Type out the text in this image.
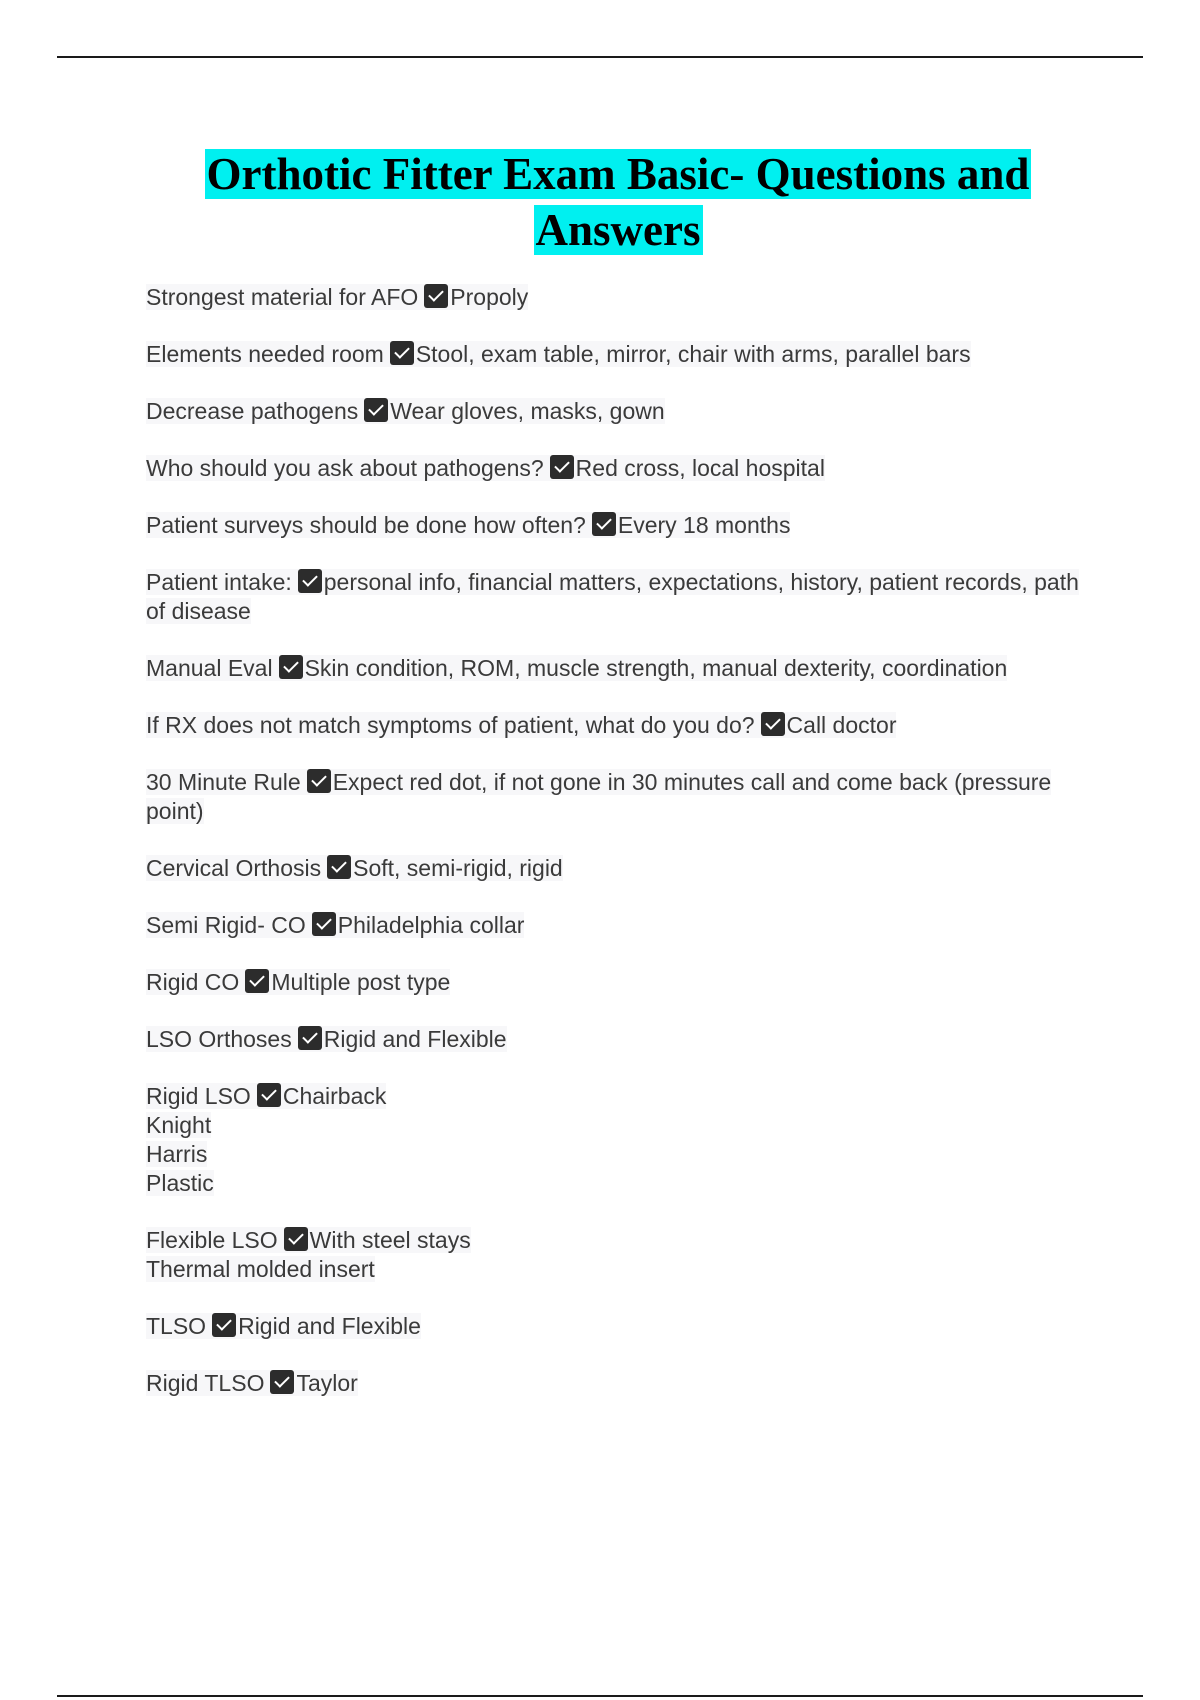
Orthotic Fitter Exam Basic- Questions and
Answers
Strongest material for AFO Propoly
Elements needed room Stool, exam table, mirror, chair with arms, parallel bars
Decrease pathogens Wear gloves, masks, gown
Who should you ask about pathogens? Red cross, local hospital
Patient surveys should be done how often? Every 18 months
Patient intake: personal info, financial matters, expectations, history, patient records, path of disease
Manual Eval Skin condition, ROM, muscle strength, manual dexterity, coordination
If RX does not match symptoms of patient, what do you do? Call doctor
30 Minute Rule Expect red dot, if not gone in 30 minutes call and come back (pressure point)
Cervical Orthosis Soft, semi-rigid, rigid
Semi Rigid- CO Philadelphia collar
Rigid CO Multiple post type
LSO Orthoses Rigid and Flexible
Rigid LSO Chairback
Knight
Harris
Plastic
Flexible LSO With steel stays
Thermal molded insert
TLSO Rigid and Flexible
Rigid TLSO Taylor
